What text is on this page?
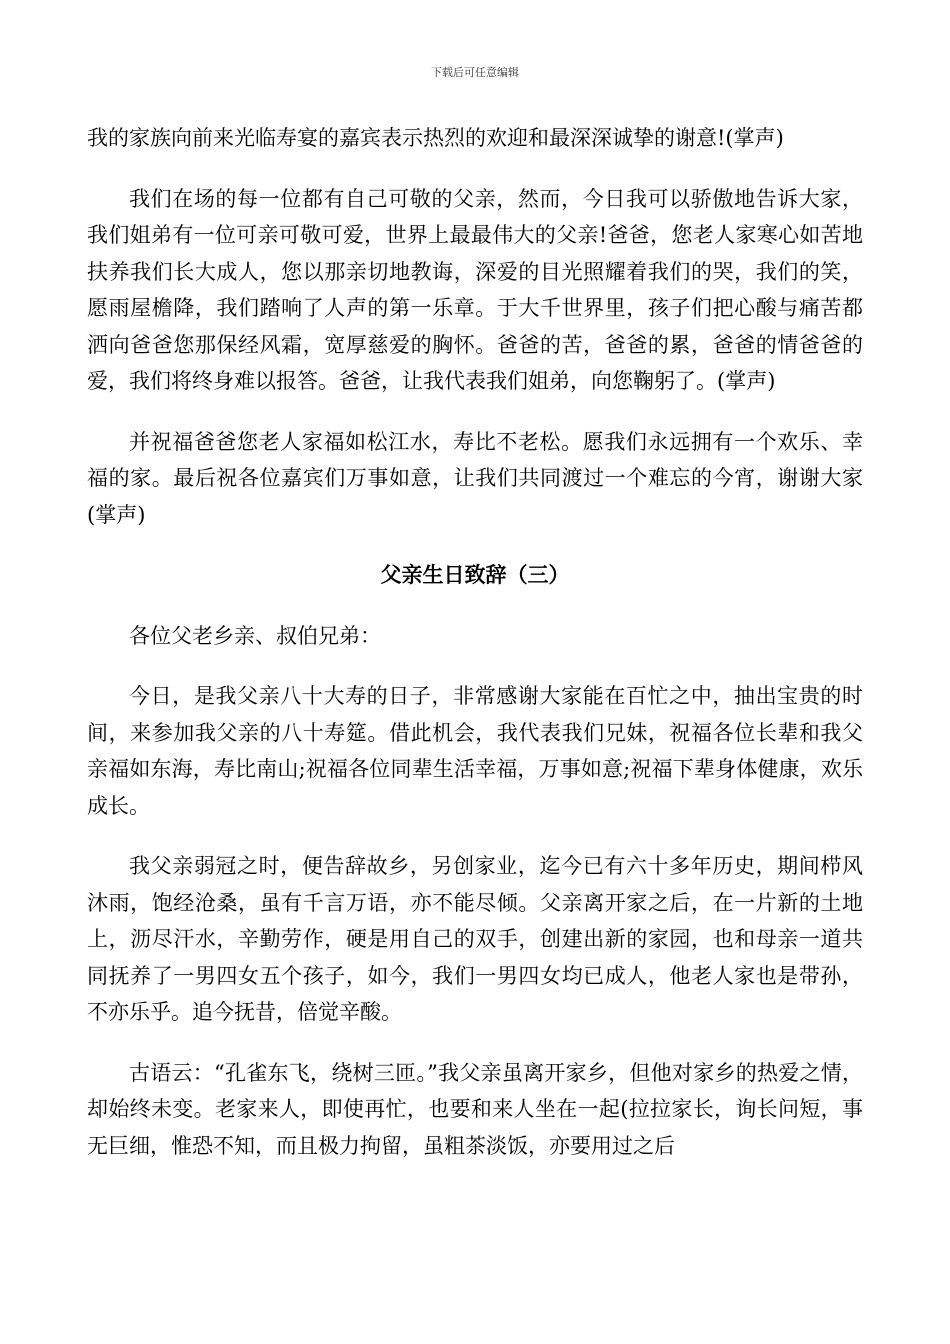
下载后可任意编辑

我的家族向前来光临寿宴的嘉宾表示热烈的欢迎和最深深诚挚的谢意!(掌声)

我们在场的每一位都有自己可敬的父亲，然而，今日我可以骄傲地告诉大家，我们姐弟有一位可亲可敬可爱，世界上最最伟大的父亲!爸爸，您老人家寒心如苦地扶养我们长大成人，您以那亲切地教诲，深爱的目光照耀着我们的哭，我们的笑，愿雨屋檐降，我们踏响了人声的第一乐章。于大千世界里，孩子们把心酸与痛苦都洒向爸爸您那保经风霜，宽厚慈爱的胸怀。爸爸的苦，爸爸的累，爸爸的情爸爸的爱，我们将终身难以报答。爸爸，让我代表我们姐弟，向您鞠躬了。(掌声)

并祝福爸爸您老人家福如松江水，寿比不老松。愿我们永远拥有一个欢乐、幸福的家。最后祝各位嘉宾们万事如意，让我们共同渡过一个难忘的今宵，谢谢大家(掌声)

父亲生日致辞（三）

各位父老乡亲、叔伯兄弟：

今日，是我父亲八十大寿的日子，非常感谢大家能在百忙之中，抽出宝贵的时间，来参加我父亲的八十寿筵。借此机会，我代表我们兄妹，祝福各位长辈和我父亲福如东海，寿比南山;祝福各位同辈生活幸福，万事如意;祝福下辈身体健康，欢乐成长。

我父亲弱冠之时，便告辞故乡，另创家业，迄今已有六十多年历史，期间栉风沐雨，饱经沧桑，虽有千言万语，亦不能尽倾。父亲离开家之后，在一片新的土地上，沥尽汗水，辛勤劳作，硬是用自己的双手，创建出新的家园，也和母亲一道共同抚养了一男四女五个孩子，如今，我们一男四女均已成人，他老人家也是带孙，不亦乐乎。追今抚昔，倍觉辛酸。

古语云：“孔雀东飞，绕树三匝。”我父亲虽离开家乡，但他对家乡的热爱之情，却始终未变。老家来人，即使再忙，也要和来人坐在一起(拉拉家长，询长问短，事无巨细，惟恐不知，而且极力拘留，虽粗茶淡饭，亦要用过之后
